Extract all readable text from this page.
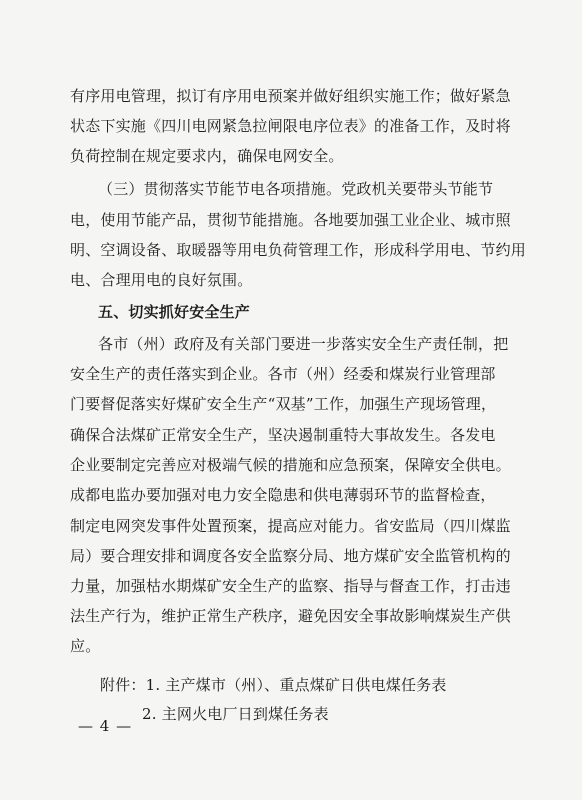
有序用电管理，拟订有序用电预案并做好组织实施工作；做好紧急
状态下实施《四川电网紧急拉闸限电序位表》的准备工作，及时将
负荷控制在规定要求内，确保电网安全。
（三）贯彻落实节能节电各项措施。党政机关要带头节能节
电，使用节能产品，贯彻节能措施。各地要加强工业企业、城市照
明、空调设备、取暖器等用电负荷管理工作，形成科学用电、节约用
电、合理用电的良好氛围。
五、切实抓好安全生产
各市（州）政府及有关部门要进一步落实安全生产责任制，把
安全生产的责任落实到企业。各市（州）经委和煤炭行业管理部
门要督促落实好煤矿安全生产“双基”工作，加强生产现场管理，
确保合法煤矿正常安全生产，坚决遏制重特大事故发生。各发电
企业要制定完善应对极端气候的措施和应急预案，保障安全供电。
成都电监办要加强对电力安全隐患和供电薄弱环节的监督检查，
制定电网突发事件处置预案，提高应对能力。省安监局（四川煤监
局）要合理安排和调度各安全监察分局、地方煤矿安全监管机构的
力量，加强枯水期煤矿安全生产的监察、指导与督查工作，打击违
法生产行为，维护正常生产秩序，避免因安全事故影响煤炭生产供
应。
附件：1. 主产煤市（州）、重点煤矿日供电煤任务表
2. 主网火电厂日到煤任务表
— 4 —
